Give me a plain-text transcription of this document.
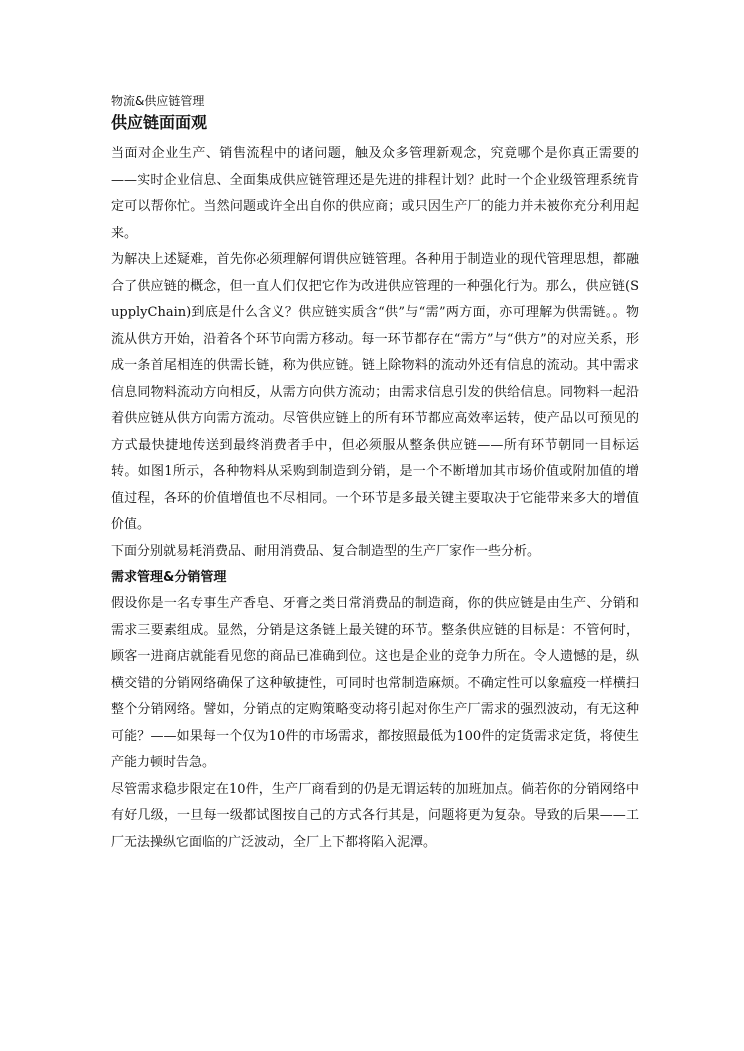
物流&供应链管理
供应链面面观

当面对企业生产、销售流程中的诸问题，触及众多管理新观念，究竟哪个是你真正需要的——实时企业信息、全面集成供应链管理还是先进的排程计划？此时一个企业级管理系统肯定可以帮你忙。当然问题或许全出自你的供应商；或只因生产厂的能力并未被你充分利用起来。

为解决上述疑难，首先你必须理解何谓供应链管理。各种用于制造业的现代管理思想，都融合了供应链的概念，但一直人们仅把它作为改进供应管理的一种强化行为。那么，供应链(SupplyChain)到底是什么含义？供应链实质含“供”与“需”两方面，亦可理解为供需链。。物流从供方开始，沿着各个环节向需方移动。每一环节都存在“需方”与“供方”的对应关系，形成一条首尾相连的供需长链，称为供应链。链上除物料的流动外还有信息的流动。其中需求信息同物料流动方向相反，从需方向供方流动；由需求信息引发的供给信息。同物料一起沿着供应链从供方向需方流动。尽管供应链上的所有环节都应高效率运转，使产品以可预见的方式最快捷地传送到最终消费者手中，但必须服从整条供应链——所有环节朝同一目标运转。如图1所示，各种物料从采购到制造到分销，是一个不断增加其市场价值或附加值的增值过程，各环的价值增值也不尽相同。一个环节是多最关键主要取决于它能带来多大的增值价值。

下面分别就易耗消费品、耐用消费品、复合制造型的生产厂家作一些分析。

需求管理&分销管理

假设你是一名专事生产香皂、牙膏之类日常消费品的制造商，你的供应链是由生产、分销和需求三要素组成。显然，分销是这条链上最关键的环节。整条供应链的目标是：不管何时，顾客一进商店就能看见您的商品已准确到位。这也是企业的竞争力所在。令人遗憾的是，纵横交错的分销网络确保了这种敏捷性，可同时也常制造麻烦。不确定性可以象瘟疫一样横扫整个分销网络。譬如，分销点的定购策略变动将引起对你生产厂需求的强烈波动，有无这种可能？——如果每一个仅为10件的市场需求，都按照最低为100件的定货需求定货，将使生产能力顿时告急。

尽管需求稳步限定在10件，生产厂商看到的仍是无谓运转的加班加点。倘若你的分销网络中有好几级，一旦每一级都试图按自己的方式各行其是，问题将更为复杂。导致的后果——工厂无法操纵它面临的广泛波动，全厂上下都将陷入泥潭。
